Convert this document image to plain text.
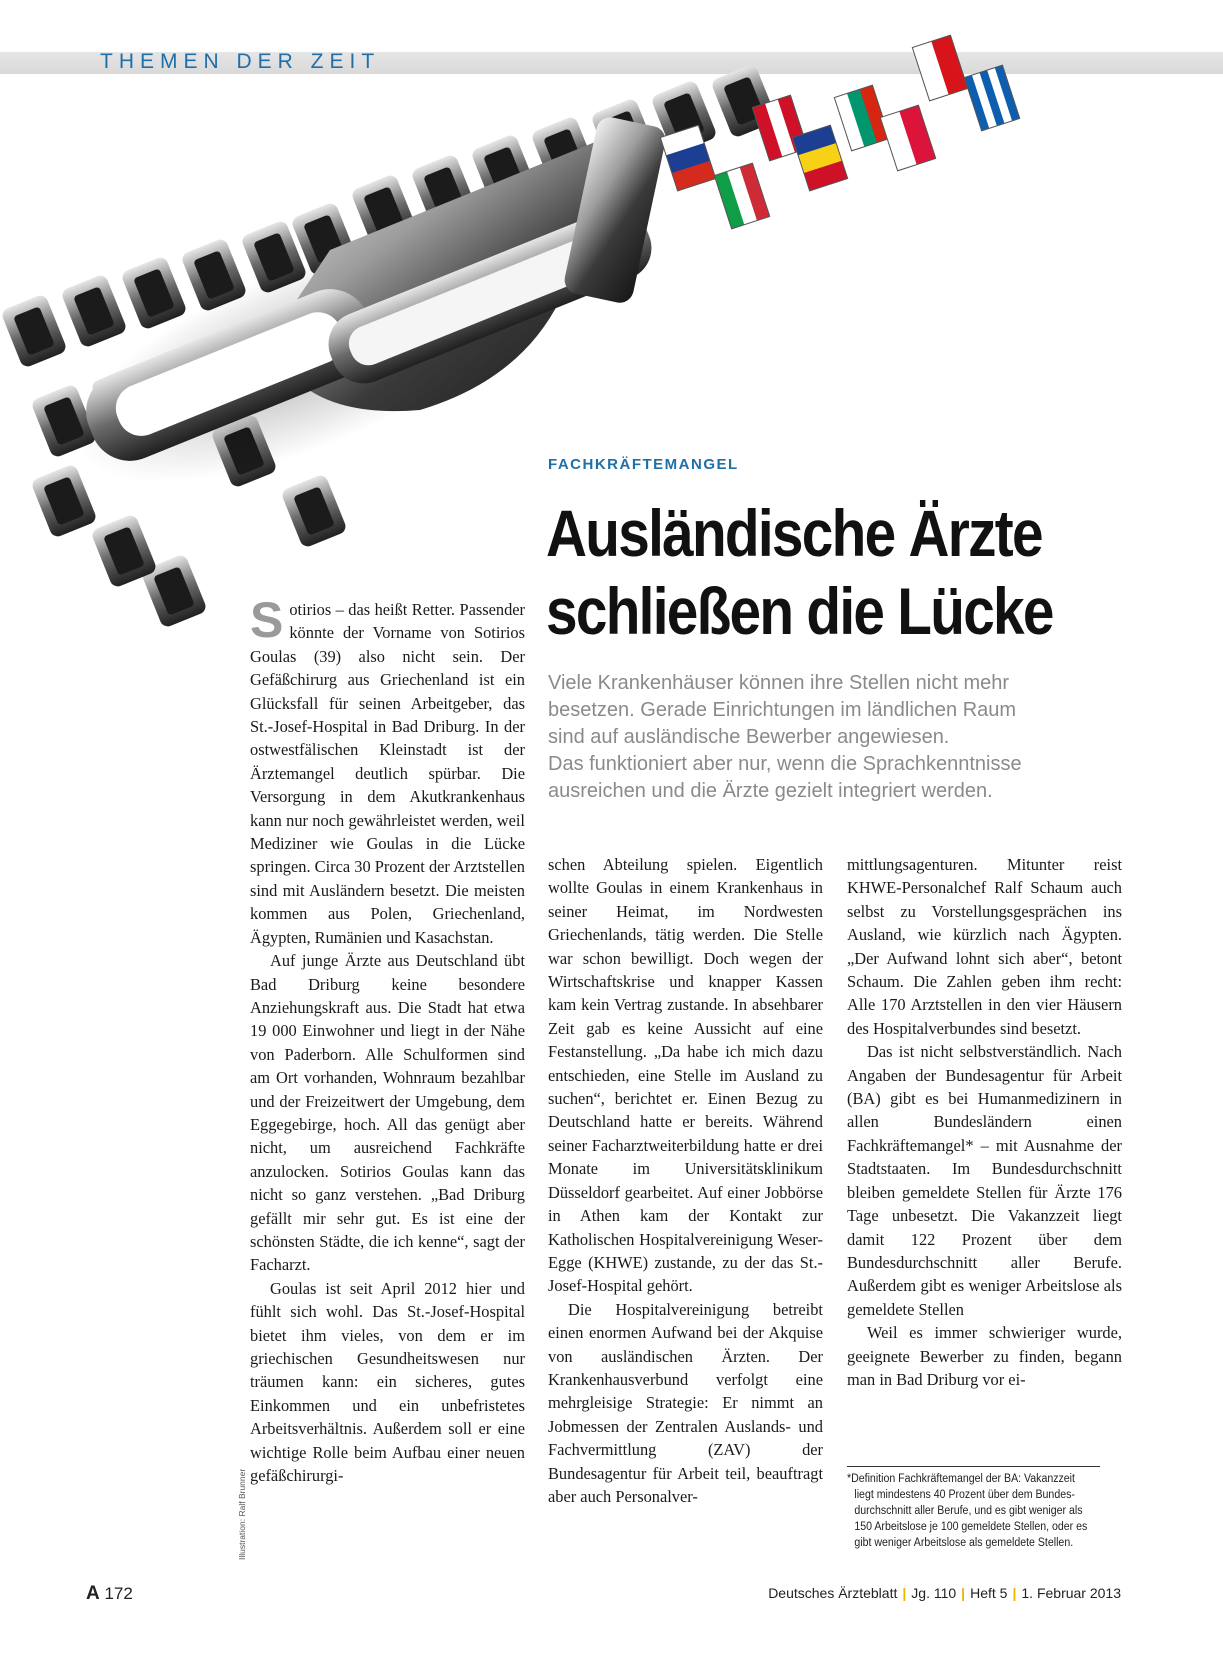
THEMEN DER ZEIT
FACHKRÄFTEMANGEL
Ausländische Ärzte
schließen die Lücke
Viele Krankenhäuser können ihre Stellen nicht mehr
besetzen. Gerade Einrichtungen im ländlichen Raum
sind auf ausländische Bewerber angewiesen.
Das funktioniert aber nur, wenn die Sprachkenntnisse
ausreichen und die Ärzte gezielt integriert werden.

Sotirios – das heißt Retter. Passender könnte der Vorname von Sotirios Goulas (39) also nicht sein. Der Gefäßchirurg aus Griechenland ist ein Glücksfall für seinen Arbeitgeber, das St.-Josef-Hospital in Bad Driburg. In der ostwestfälischen Kleinstadt ist der Ärztemangel deutlich spürbar. Die Versorgung in dem Akutkrankenhaus kann nur noch gewährleistet werden, weil Mediziner wie Goulas in die Lücke springen. Circa 30 Prozent der Arztstellen sind mit Ausländern besetzt. Die meisten kommen aus Polen, Griechenland, Ägypten, Rumänien und Kasachstan.

Auf junge Ärzte aus Deutschland übt Bad Driburg keine besondere Anziehungskraft aus. Die Stadt hat etwa 19 000 Einwohner und liegt in der Nähe von Paderborn. Alle Schulformen sind am Ort vorhanden, Wohnraum bezahlbar und der Freizeitwert der Umgebung, dem Eggegebirge, hoch. All das genügt aber nicht, um ausreichend Fachkräfte anzulocken. Sotirios Goulas kann das nicht so ganz verstehen. „Bad Driburg gefällt mir sehr gut. Es ist eine der schönsten Städte, die ich kenne“, sagt der Facharzt.

Goulas ist seit April 2012 hier und fühlt sich wohl. Das St.-Josef-Hospital bietet ihm vieles, von dem er im griechischen Gesundheitswesen nur träumen kann: ein sicheres, gutes Einkommen und ein unbefristetes Arbeitsverhältnis. Außerdem soll er eine wichtige Rolle beim Aufbau einer neuen gefäßchirurgi-

schen Abteilung spielen. Eigentlich wollte Goulas in einem Krankenhaus in seiner Heimat, im Nordwesten Griechenlands, tätig werden. Die Stelle war schon bewilligt. Doch wegen der Wirtschaftskrise und knapper Kassen kam kein Vertrag zustande. In absehbarer Zeit gab es keine Aussicht auf eine Festanstellung. „Da habe ich mich dazu entschieden, eine Stelle im Ausland zu suchen“, berichtet er. Einen Bezug zu Deutschland hatte er bereits. Während seiner Facharztweiterbildung hatte er drei Monate im Universitätsklinikum Düsseldorf gearbeitet. Auf einer Jobbörse in Athen kam der Kontakt zur Katholischen Hospitalvereinigung Weser-Egge (KHWE) zustande, zu der das St.-Josef-Hospital gehört.

Die Hospitalvereinigung betreibt einen enormen Aufwand bei der Akquise von ausländischen Ärzten. Der Krankenhausverbund verfolgt eine mehrgleisige Strategie: Er nimmt an Jobmessen der Zentralen Auslands- und Fachvermittlung (ZAV) der Bundesagentur für Arbeit teil, beauftragt aber auch Personalver-

mittlungsagenturen. Mitunter reist KHWE-Personalchef Ralf Schaum auch selbst zu Vorstellungsgesprächen ins Ausland, wie kürzlich nach Ägypten. „Der Aufwand lohnt sich aber“, betont Schaum. Die Zahlen geben ihm recht: Alle 170 Arztstellen in den vier Häusern des Hospitalverbundes sind besetzt.

Das ist nicht selbstverständlich. Nach Angaben der Bundesagentur für Arbeit (BA) gibt es bei Humanmedizinern in allen Bundesländern einen Fachkräftemangel* – mit Ausnahme der Stadtstaaten. Im Bundesdurchschnitt bleiben gemeldete Stellen für Ärzte 176 Tage unbesetzt. Die Vakanzzeit liegt damit 122 Prozent über dem Bundesdurchschnitt aller Berufe. Außerdem gibt es weniger Arbeitslose als gemeldete Stellen

Weil es immer schwieriger wurde, geeignete Bewerber zu finden, begann man in Bad Driburg vor ei-

*Definition Fachkräftemangel der BA: Vakanzzeit
liegt mindestens 40 Prozent über dem Bundes-
durchschnitt aller Berufe, und es gibt weniger als
150 Arbeitslose je 100 gemeldete Stellen, oder es
gibt weniger Arbeitslose als gemeldete Stellen.
Illustration: Ralf Brunner
A 172	Deutsches Ärzteblatt | Jg. 110 | Heft 5 | 1. Februar 2013
